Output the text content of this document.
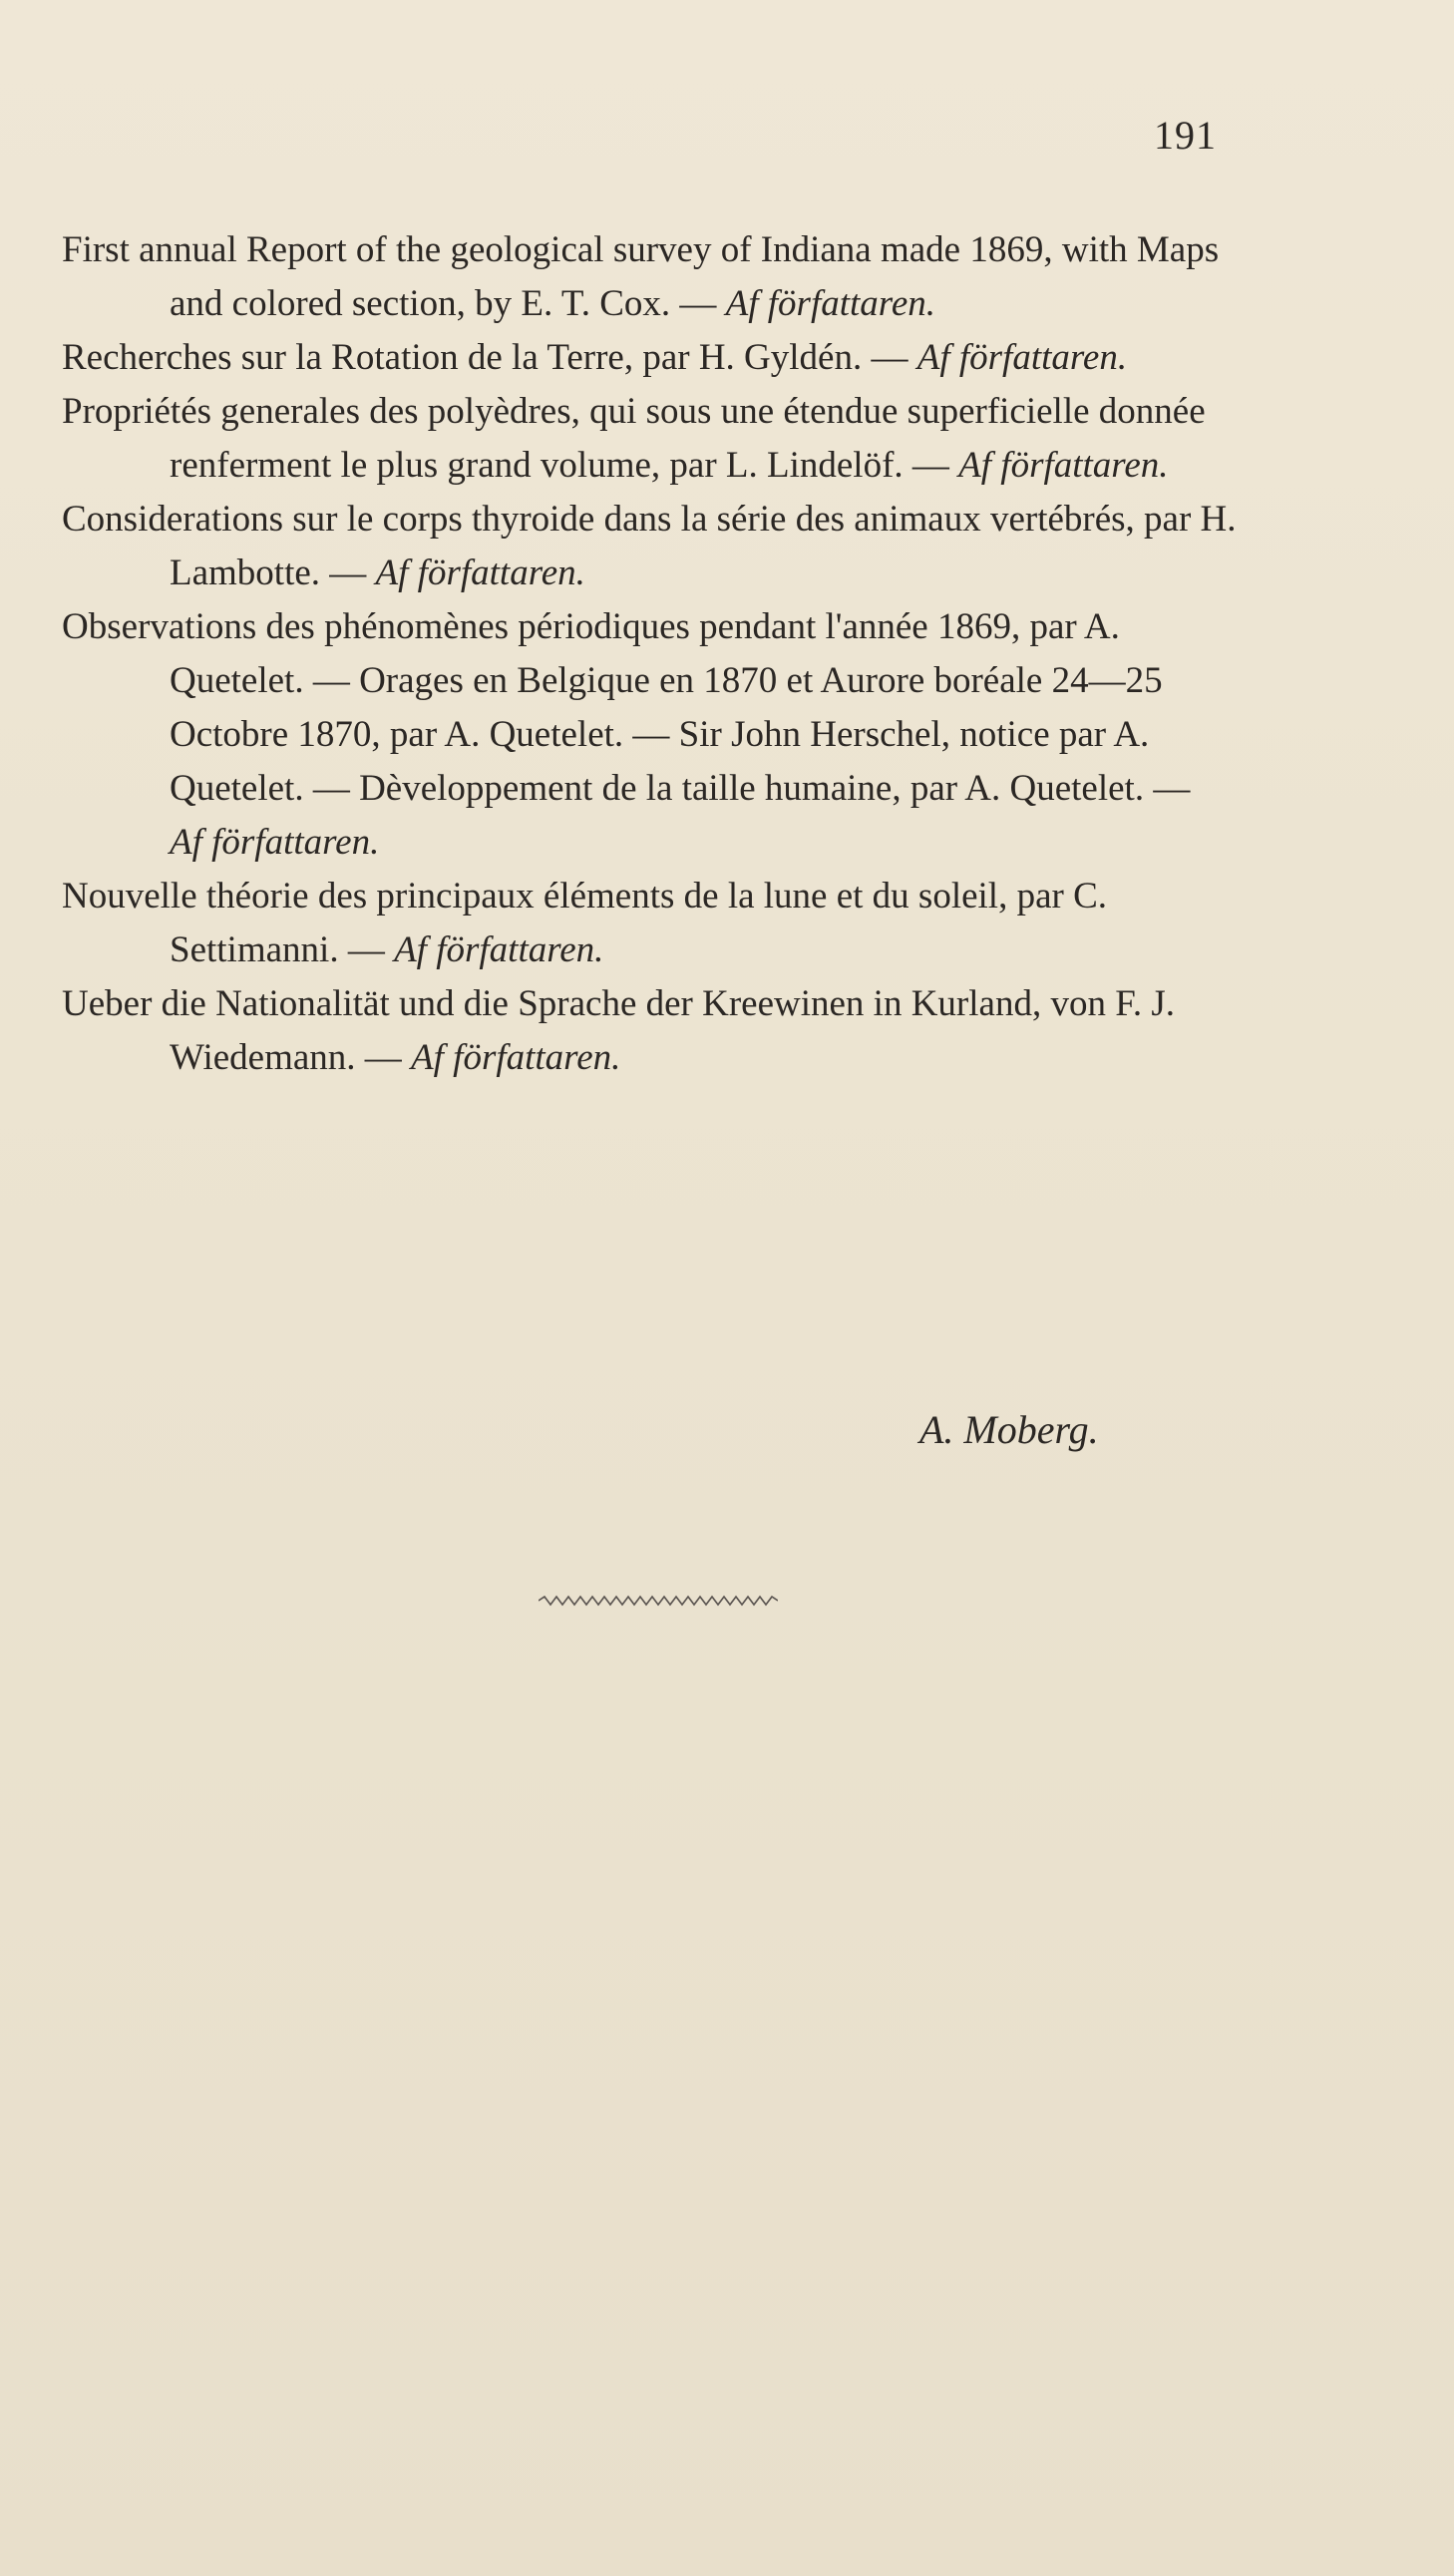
191

First annual Report of the geological survey of Indiana made 1869, with Maps and colored section, by E. T. Cox. — Af författaren.

Recherches sur la Rotation de la Terre, par H. Gyldén. — Af författaren.

Propriétés generales des polyèdres, qui sous une étendue superficielle donnée renferment le plus grand volume, par L. Lindelöf. — Af författaren.

Considerations sur le corps thyroide dans la série des animaux vertébrés, par H. Lambotte. — Af författaren.

Observations des phénomènes périodiques pendant l'année 1869, par A. Quetelet. — Orages en Belgique en 1870 et Aurore boréale 24—25 Octobre 1870, par A. Quetelet. — Sir John Herschel, notice par A. Quetelet. — Dèveloppement de la taille humaine, par A. Quetelet. — Af författaren.

Nouvelle théorie des principaux éléments de la lune et du soleil, par C. Settimanni. — Af författaren.

Ueber die Nationalität und die Sprache der Kreewinen in Kurland, von F. J. Wiedemann. — Af författaren.

A. Moberg.
